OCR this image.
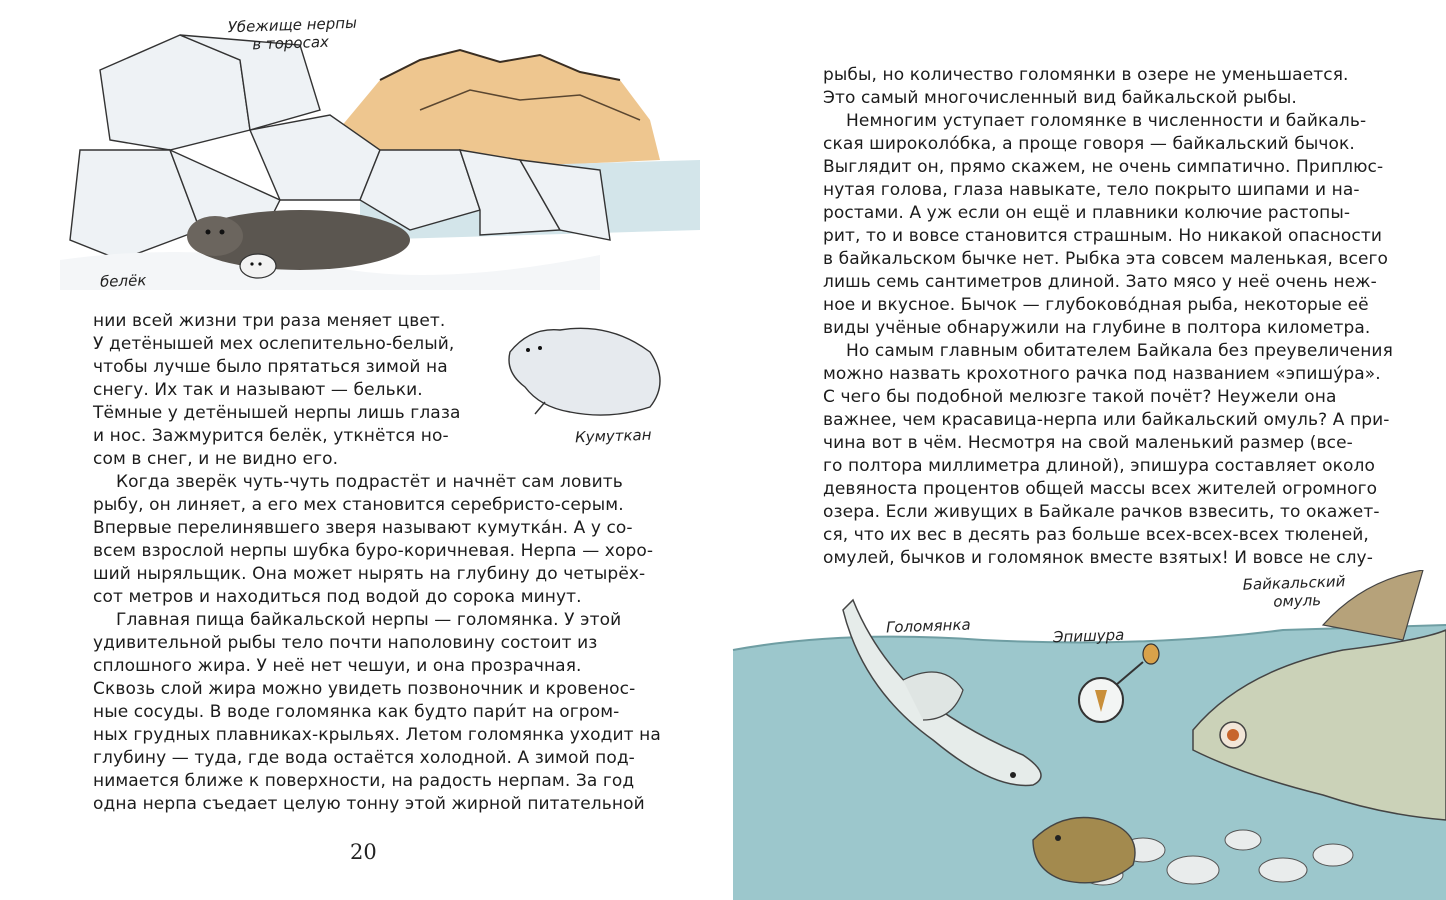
Убежище нерпы
в торосах
белёк
Кумуткан
нии всей жизни три раза меняет цвет.
У детёнышей мех ослепительно-белый,
чтобы лучше было прятаться зимой на
снегу. Их так и называют — бельки.
Тёмные у детёнышей нерпы лишь глаза
и нос. Зажмурится белёк, уткнётся но-
сом в снег, и не видно его.
Когда зверёк чуть-чуть подрастёт и начнёт сам ловить
рыбу, он линяет, а его мех становится серебристо-серым.
Впервые перелинявшего зверя называют кумутка́н. А у со-
всем взрослой нерпы шубка буро-коричневая. Нерпа — хоро-
ший ныряльщик. Она может нырять на глубину до четырёх-
сот метров и находиться под водой до сорока минут.
Главная пища байкальской нерпы — голомянка. У этой
удивительной рыбы тело почти наполовину состоит из
сплошного жира. У неё нет чешуи, и она прозрачная.
Сквозь слой жира можно увидеть позвоночник и кровенос-
ные сосуды. В воде голомянка как будто пари́т на огром-
ных грудных плавниках-крыльях. Летом голомянка уходит на
глубину — туда, где вода остаётся холодной. А зимой под-
нимается ближе к поверхности, на радость нерпам. За год
одна нерпа съедает целую тонну этой жирной питательной
20
рыбы, но количество голомянки в озере не уменьшается.
Это самый многочисленный вид байкальской рыбы.
Немногим уступает голомянке в численности и байкаль-
ская широколо́бка, а проще говоря — байкальский бычок.
Выглядит он, прямо скажем, не очень симпатично. Приплюс-
нутая голова, глаза навыкате, тело покрыто шипами и на-
ростами. А уж если он ещё и плавники колючие растопы-
рит, то и вовсе становится страшным. Но никакой опасности
в байкальском бычке нет. Рыбка эта совсем маленькая, всего
лишь семь сантиметров длиной. Зато мясо у неё очень неж-
ное и вкусное. Бычок — глубоково́дная рыба, некоторые её
виды учёные обнаружили на глубине в полтора километра.
Но самым главным обитателем Байкала без преувеличения
можно назвать крохотного рачка под названием «эпишу́ра».
С чего бы подобной мелюзге такой почёт? Неужели она
важнее, чем красавица-нерпа или байкальский омуль? А при-
чина вот в чём. Несмотря на свой маленький размер (все-
го полтора миллиметра длиной), эпишура составляет около
девяноста процентов общей массы всех жителей огромного
озера. Если живущих в Байкале рачков взвесить, то окажет-
ся, что их вес в десять раз больше всех-всех-всех тюленей,
омулей, бычков и голомянок вместе взятых! И вовсе не слу-
Голомянка	Эпишура
Байкальский
омуль
